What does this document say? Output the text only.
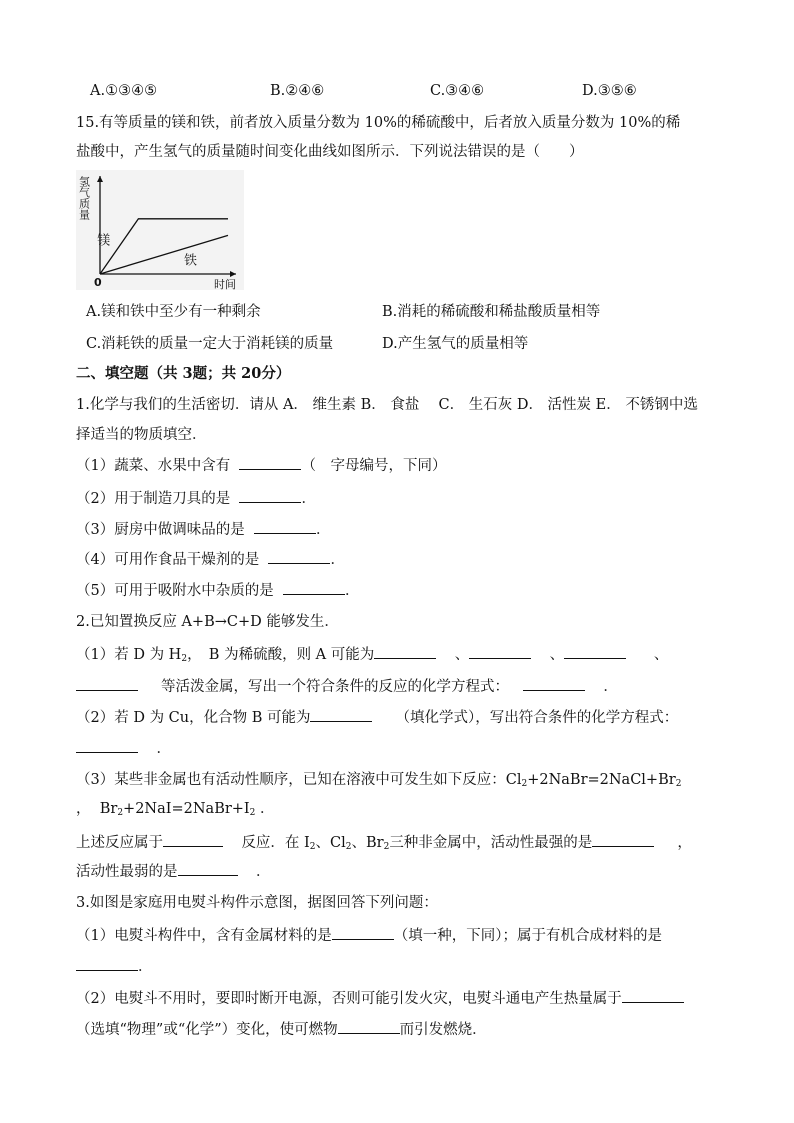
A.①③④⑤	B.②④⑥	C.③④⑥	D.③⑤⑥
15.有等质量的镁和铁，前者放入质量分数为 10%的稀硫酸中，后者放入质量分数为 10%的稀
盐酸中，产生氢气的质量随时间变化曲线如图所示．下列说法错误的是（　　）
镁
铁
氢气质量
时间
0
A.镁和铁中至少有一种剩余	B.消耗的稀硫酸和稀盐酸质量相等
C.消耗铁的质量一定大于消耗镁的质量	D.产生氢气的质量相等
二、填空题（共 3题；共 20分）
1.化学与我们的生活密切．请从 A． 维生素 B． 食盐　 C． 生石灰 D． 活性炭 E． 不锈钢中选
择适当的物质填空．
（1）蔬菜、水果中含有	（　字母编号，下同）
（2）用于制造刀具的是	．
（3）厨房中做调味品的是	．
（4）可用作食品干燥剂的是	．
（5）可用于吸附水中杂质的是	．
2.已知置换反应 A+B→C+D 能够发生．
（1）若 D 为 $H_2$，　B 为稀硫酸，则 A 可能为	、	、	、
等活泼金属，写出一个符合条件的反应的化学方程式：	．
（2）若 D 为 Cu，化合物 B 可能为	（填化学式），写出符合条件的化学方程式：
．
（3）某些非金属也有活动性顺序，已知在溶液中可发生如下反应：$Cl_2+2NaBr=2NaCl+Br_2$
， $Br_2+2NaI=2NaBr+I_2$ ．
上述反应属于	反应．在 $I_2$、$Cl_2$、$Br_2$三种非金属中，活动性最强的是	，
活动性最弱的是	．
3.如图是家庭用电熨斗构件示意图，据图回答下列问题：
（1）电熨斗构件中，含有金属材料的是	（填一种，下同）；属于有机合成材料的是
．
（2）电熨斗不用时，要即时断开电源，否则可能引发火灾，电熨斗通电产生热量属于
（选填“物理”或“化学”）变化，使可燃物	而引发燃烧．
